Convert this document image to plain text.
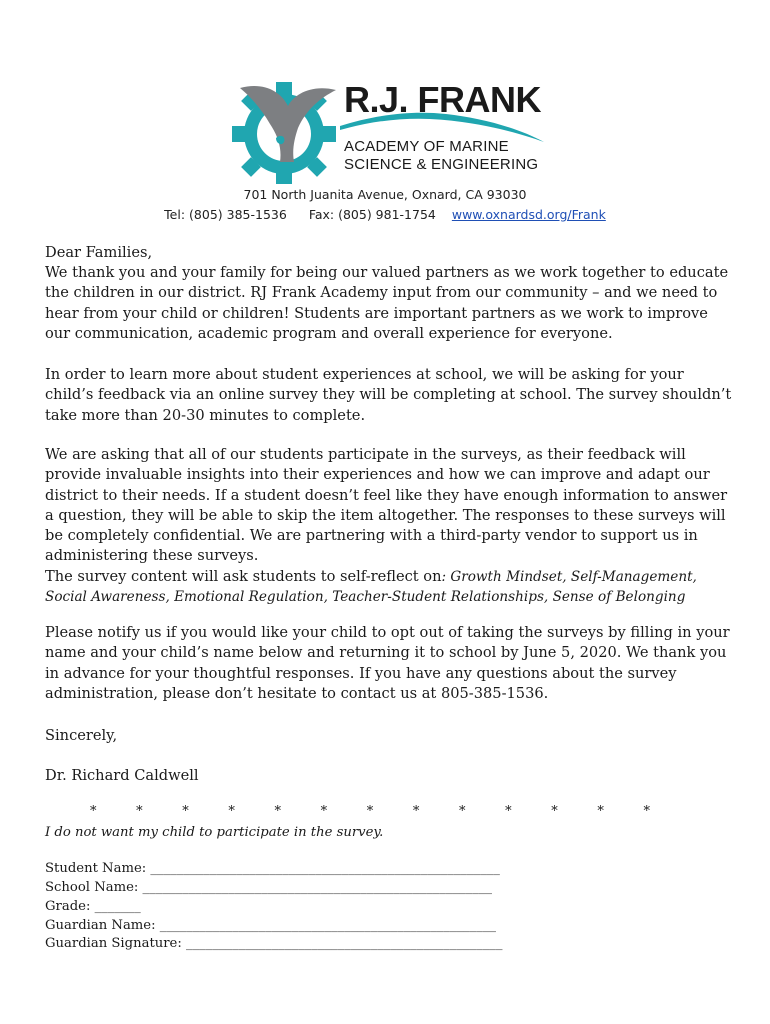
R.J. FRANK
ACADEMY OF MARINE
SCIENCE & ENGINEERING
701 North Juanita Avenue, Oxnard, CA 93030
Tel: (805) 385-1536 Fax: (805) 981-1754 www.oxnardsd.org/Frank

Dear Families,

We thank you and your family for being our valued partners as we work together to educate the children in our district. RJ Frank Academy input from our community – and we need to hear from your child or children! Students are important partners as we work to improve our communication, academic program and overall experience for everyone.

In order to learn more about student experiences at school, we will be asking for your child’s feedback via an online survey they will be completing at school. The survey shouldn’t take more than 20-30 minutes to complete.

We are asking that all of our students participate in the surveys, as their feedback will provide invaluable insights into their experiences and how we can improve and adapt our district to their needs. If a student doesn’t feel like they have enough information to answer a question, they will be able to skip the item altogether. The responses to these surveys will be completely confidential. We are partnering with a third-party vendor to support us in administering these surveys.

The survey content will ask students to self-reflect on: Growth Mindset, Self-Management, Social Awareness, Emotional Regulation, Teacher-Student Relationships, Sense of Belonging

Please notify us if you would like your child to opt out of taking the surveys by filling in your name and your child’s name below and returning it to school by June 5, 2020. We thank you in advance for your thoughtful responses. If you have any questions about the survey administration, please don’t hesitate to contact us at 805-385-1536.

Sincerely,

Dr. Richard Caldwell

*	*	*	*	*	*	*	*	*	*	*	*	*
I do not want my child to participate in the survey.
Student Name: _____________________________________________________
School Name: _____________________________________________________
Grade: _______
Guardian Name: ___________________________________________________
Guardian Signature: ________________________________________________
